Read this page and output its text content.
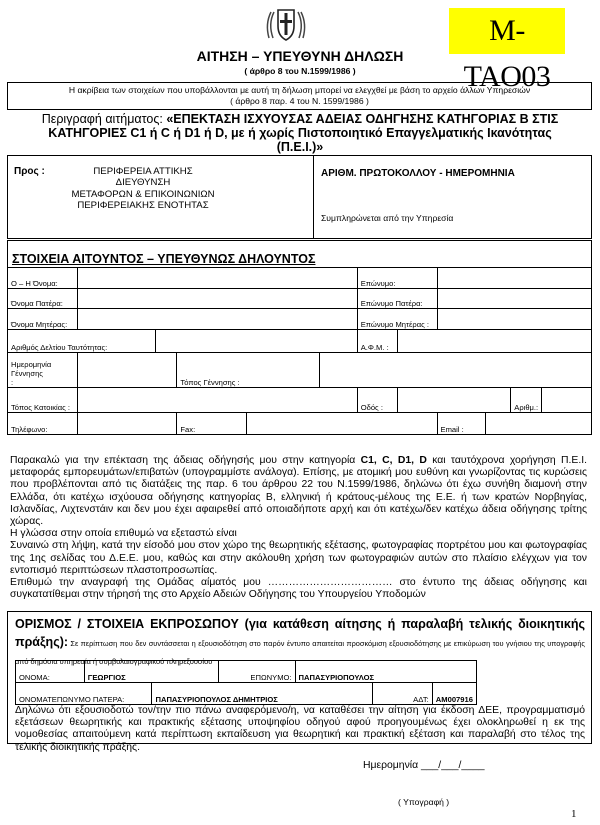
M-TAO03
ΑΙΤΗΣΗ – ΥΠΕΥΘΥΝΗ ΔΗΛΩΣΗ
( άρθρο 8 του Ν.1599/1986 )
Η ακρίβεια των στοιχείων που υποβάλλονται με αυτή τη δήλωση μπορεί να ελεγχθεί με βάση το αρχείο άλλων Υπηρεσιών
( άρθρο 8 παρ. 4 του Ν. 1599/1986 )
Περιγραφή αιτήματος: «ΕΠΕΚΤΑΣΗ ΙΣΧΥΟΥΣΑΣ ΑΔΕΙΑΣ ΟΔΗΓΗΣΗΣ ΚΑΤΗΓΟΡΙΑΣ Β ΣΤΙΣ
ΚΑΤΗΓΟΡΙΕΣ C1 ή C ή D1 ή D, με ή χωρίς Πιστοποιητικό Επαγγελματικής Ικανότητας
(Π.Ε.Ι.)»
Προς :	ΠΕΡΙΦΕΡΕΙΑ ΑΤΤΙΚΗΣ
ΔΙΕΥΘΥΝΣΗ
ΜΕΤΑΦΟΡΩΝ & ΕΠΙΚΟΙΝΩΝΙΩΝ
ΠΕΡΙΦΕΡΕΙΑΚΗΣ ΕΝΟΤΗΤΑΣ
ΑΡΙΘΜ. ΠΡΩΤΟΚΟΛΛΟΥ - ΗΜΕΡΟΜΗΝΙΑ
Συμπληρώνεται από την Υπηρεσία
ΣΤΟΙΧΕΙΑ ΑΙΤΟΥΝΤΟΣ – ΥΠΕΥΘΥΝΩΣ ΔΗΛΟΥΝΤΟΣ
Ο – Η Όνομα:						Επώνυμο:					
Όνομα Πατέρα:						Επώνυμο Πατέρα:					
Όνομα Μητέρας:						Επώνυμο Μητέρας :					
Αριθμός Δελτίου Ταυτότητας:						Α.Φ.Μ. :					

Ημερομηνία Γέννησης
:			Τόπος Γέννησης :								
Τόπος Κατοικίας :						Οδός :				Αριθμ.:	
Τηλέφωνο:			Fax:					Email :			

Παρακαλώ για την επέκταση της άδειας οδήγησής μου στην κατηγορία C1, C, D1, D και ταυτόχρονα χορήγηση Π.Ε.Ι. μεταφοράς εμπορευμάτων/επιβατών (υπογραμμίστε ανάλογα). Επίσης, με ατομική μου ευθύνη και γνωρίζοντας τις κυρώσεις που προβλέπονται από τις διατάξεις της παρ. 6 του άρθρου 22 του Ν.1599/1986, δηλώνω ότι έχω συνήθη διαμονή στην Ελλάδα, ότι κατέχω ισχύουσα οδήγησης κατηγορίας Β, ελληνική ή κράτους-μέλους της Ε.Ε. ή των κρατών Νορβηγίας, Ισλανδίας, Λιχτενστάιν και δεν μου έχει αφαιρεθεί από οποιαδήποτε αρχή και ότι κατέχω/δεν κατέχω άδεια οδήγησης τρίτης χώρας.

Η γλώσσα στην οποία επιθυμώ να εξεταστώ είναι

Συναινώ στη λήψη, κατά την είσοδό μου στον χώρο της θεωρητικής εξέτασης, φωτογραφίας πορτρέτου μου και φωτογραφίας της 1ης σελίδας του Δ.Ε.Ε. μου, καθώς και στην ακόλουθη χρήση των φωτογραφιών αυτών στο πλαίσιο ελέγχων για τον εντοπισμό περιπτώσεων πλαστοπροσωπίας.

Επιθυμώ την αναγραφή της Ομάδας αίματός μου ……………………………… στο έντυπο της άδειας οδήγησης και συγκατατίθεμαι στην τήρησή της στο Αρχείο Αδειών Οδήγησης του Υπουργείου Υποδομών

ΟΡΙΣΜΟΣ / ΣΤΟΙΧΕΙΑ ΕΚΠΡΟΣΩΠΟΥ (για κατάθεση αίτησης ή παραλαβή τελικής διοικητικής πράξης): Σε περίπτωση που δεν συντάσσεται η εξουσιοδότηση στο παρόν έντυπο απαιτείται προσκόμιση εξουσιοδότησης με επικύρωση του γνήσιου της υπογραφής από δημόσια υπηρεσία ή συμβολαιογραφικού πληρεξουσίου
ΟΝΟΜΑ:	ΓΕΩΡΓΙΟΣ		ΕΠΩΝΥΜΟ:	ΠΑΠΑΣΥΡΙΟΠΟΥΛΟΣ		
ΟΝΟΜΑΤΕΠΩΝΥΜΟ ΠΑΤΕΡΑ:		ΠΑΠΑΣΥΡΙΟΠΟΥΛΟΣ ΔΗΜΗΤΡΙΟΣ			ΑΔΤ:	ΑΜ007916
Δηλώνω ότι εξουσιοδοτώ τον/την πιο πάνω αναφερόμενο/η, να καταθέσει την αίτηση για έκδοση ΔΕΕ, προγραμματισμό εξετάσεων θεωρητικής και πρακτικής εξέτασης υποψηφίου οδηγού αφού προηγουμένως έχει ολοκληρωθεί η εκ της νομοθεσίας απαιτούμενη κατά περίπτωση εκπαίδευση για θεωρητική και πρακτική εξέταση και παραλαβή στο τέλος της τελικής διοικητικής πράξης.
Ημερομηνία ___/___/____
( Υπογραφή )
1
